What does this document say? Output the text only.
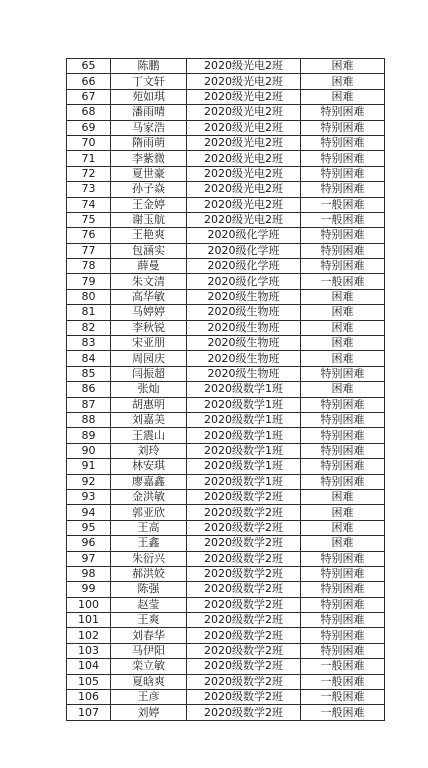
65	陈鹏	2020级光电2班	困难
66	丁文轩	2020级光电2班	困难
67	苑如琪	2020级光电2班	困难
68	潘雨晴	2020级光电2班	特别困难
69	马家浩	2020级光电2班	特别困难
70	隋雨萌	2020级光电2班	特别困难
71	李紫微	2020级光电2班	特别困难
72	夏世豪	2020级光电2班	特别困难
73	孙子焱	2020级光电2班	特别困难
74	王金婷	2020级光电2班	一般困难
75	谢玉航	2020级光电2班	一般困难
76	王艳爽	2020级化学班	特别困难
77	包涵实	2020级化学班	特别困难
78	薛曼	2020级化学班	特别困难
79	朱文清	2020级化学班	一般困难
80	高华敏	2020级生物班	困难
81	马婷婷	2020级生物班	困难
82	李秋锐	2020级生物班	困难
83	宋亚朋	2020级生物班	困难
84	周园庆	2020级生物班	困难
85	闫振超	2020级生物班	特别困难
86	张灿	2020级数学1班	困难
87	胡惠明	2020级数学1班	特别困难
88	刘嘉美	2020级数学1班	特别困难
89	王震山	2020级数学1班	特别困难
90	刘玲	2020级数学1班	特别困难
91	林安琪	2020级数学1班	特别困难
92	廖嘉鑫	2020级数学1班	特别困难
93	金洪敏	2020级数学2班	困难
94	郭亚欣	2020级数学2班	困难
95	王高	2020级数学2班	困难
96	王鑫	2020级数学2班	困难
97	朱衍兴	2020级数学2班	特别困难
98	郝洪姣	2020级数学2班	特别困难
99	陈强	2020级数学2班	特别困难
100	赵莹	2020级数学2班	特别困难
101	王爽	2020级数学2班	特别困难
102	刘春华	2020级数学2班	特别困难
103	马伊阳	2020级数学2班	特别困难
104	栾立敏	2020级数学2班	一般困难
105	夏晗爽	2020级数学2班	一般困难
106	王彦	2020级数学2班	一般困难
107	刘婷	2020级数学2班	一般困难
